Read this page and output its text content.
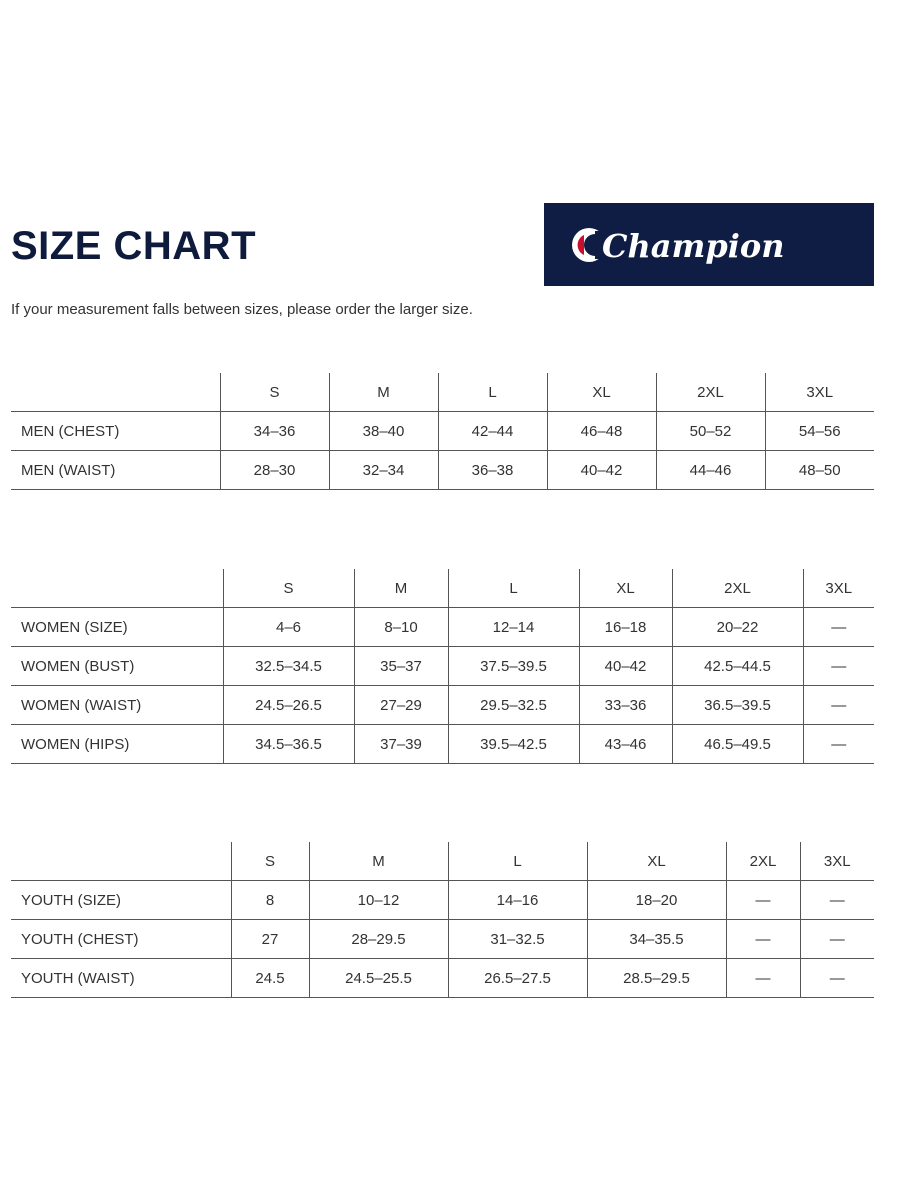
SIZE CHART	Champion
If your measurement falls between sizes, please order the larger size.
	S	M	L	XL	2XL	3XL
MEN (CHEST)	34–36	38–40	42–44	46–48	50–52	54–56
MEN (WAIST)	28–30	32–34	36–38	40–42	44–46	48–50
	S	M	L	XL	2XL	3XL
WOMEN (SIZE)	4–6	8–10	12–14	16–18	20–22	—
WOMEN (BUST)	32.5–34.5	35–37	37.5–39.5	40–42	42.5–44.5	—
WOMEN (WAIST)	24.5–26.5	27–29	29.5–32.5	33–36	36.5–39.5	—
WOMEN (HIPS)	34.5–36.5	37–39	39.5–42.5	43–46	46.5–49.5	—
	S	M	L	XL	2XL	3XL
YOUTH (SIZE)	8	10–12	14–16	18–20	—	—
YOUTH (CHEST)	27	28–29.5	31–32.5	34–35.5	—	—
YOUTH (WAIST)	24.5	24.5–25.5	26.5–27.5	28.5–29.5	—	—
